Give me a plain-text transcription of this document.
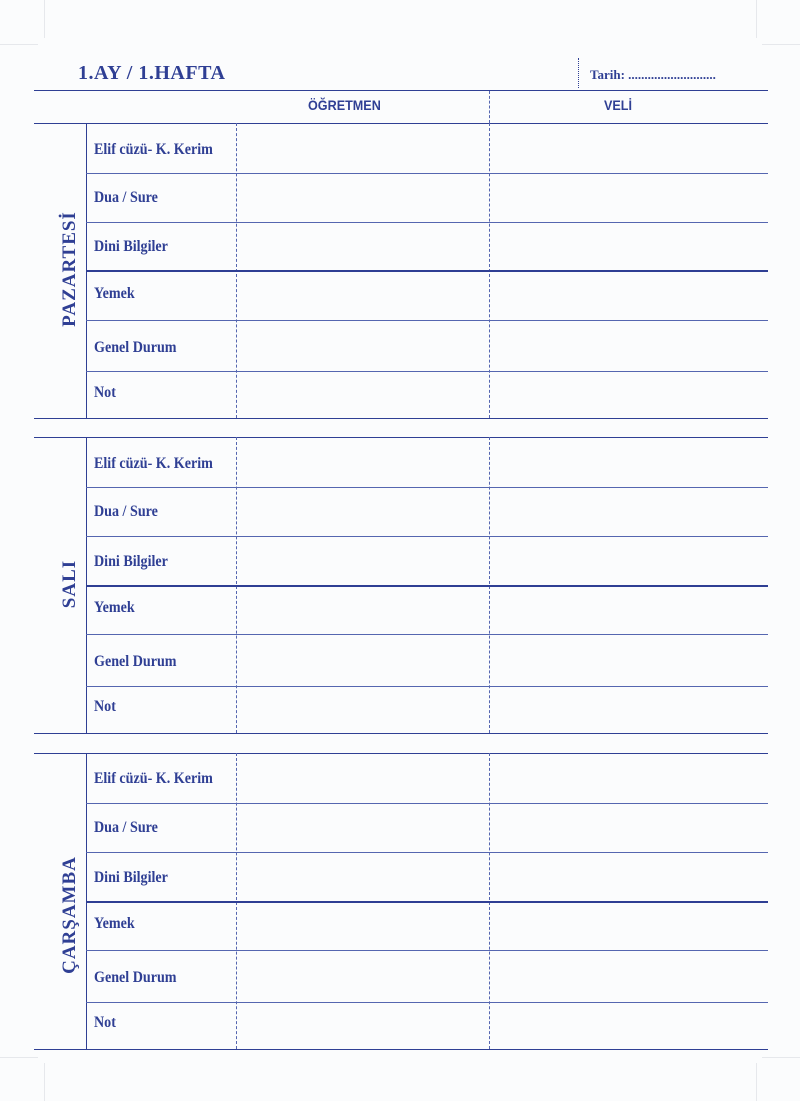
1.AY / 1.HAFTA	Tarih: ...........................
ÖĞRETMEN	VELİ
PAZARTESİ
Elif cüzü- K. Kerim
Dua / Sure
Dini Bilgiler
Yemek
Genel Durum
Not
SALI
Elif cüzü- K. Kerim
Dua / Sure
Dini Bilgiler
Yemek
Genel Durum
Not
ÇARŞAMBA
Elif cüzü- K. Kerim
Dua / Sure
Dini Bilgiler
Yemek
Genel Durum
Not
